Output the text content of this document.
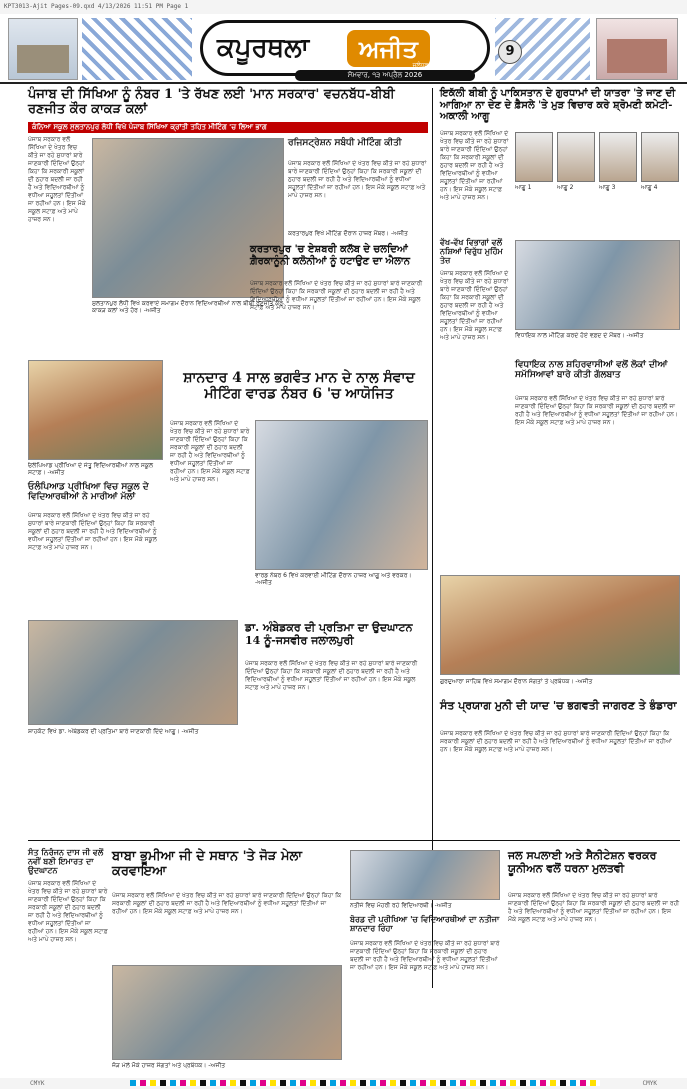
KPT3013-Ajit Pages-09.qxd 4/13/2026 11:51 PM Page 1
ਕਪੂਰਥਲਾ	ਅਜੀਤ	9
ਜਲੰਧਰ, ਜਲੰਧਰ
ਸੋਮਵਾਰ, ੧੩ ਅਪ੍ਰੈਲ 2026
ਪੰਜਾਬ ਦੀ ਸਿੱਖਿਆ ਨੂੰ ਨੰਬਰ 1 'ਤੇ ਰੱਖਣ ਲਈ 'ਮਾਨ ਸਰਕਾਰ' ਵਚਨਬੱਧ-ਬੀਬੀ ਰਣਜੀਤ ਕੌਰ ਕਾਕੜ ਕਲਾਂ
ਕੰਨਿਆ ਸਕੂਲ ਸੁਲਤਾਨਪੁਰ ਲੋਧੀ ਵਿਖੇ ਪੰਜਾਬ ਸਿੱਖਿਆ ਕ੍ਰਾਂਤੀ ਤਹਿਤ ਮੀਟਿੰਗ 'ਚ ਲਿਆ ਭਾਗ
ਪੰਜਾਬ ਸਰਕਾਰ ਵਲੋਂ ਸਿੱਖਿਆ ਦੇ ਖੇਤਰ ਵਿਚ ਕੀਤੇ ਜਾ ਰਹੇ ਸੁਧਾਰਾਂ ਬਾਰੇ ਜਾਣਕਾਰੀ ਦਿੰਦਿਆਂ ਉਨ੍ਹਾਂ ਕਿਹਾ ਕਿ ਸਰਕਾਰੀ ਸਕੂਲਾਂ ਦੀ ਨੁਹਾਰ ਬਦਲੀ ਜਾ ਰਹੀ ਹੈ ਅਤੇ ਵਿਦਿਆਰਥੀਆਂ ਨੂੰ ਵਧੀਆ ਸਹੂਲਤਾਂ ਦਿੱਤੀਆਂ ਜਾ ਰਹੀਆਂ ਹਨ। ਇਸ ਮੌਕੇ ਸਕੂਲ ਸਟਾਫ਼ ਅਤੇ ਮਾਪੇ ਹਾਜ਼ਰ ਸਨ।
ਸੁਲਤਾਨਪੁਰ ਲੋਧੀ ਵਿਖੇ ਕਰਵਾਏ ਸਮਾਗਮ ਦੌਰਾਨ ਵਿਦਿਆਰਥੀਆਂ ਨਾਲ ਬੀਬੀ ਰਣਜੀਤ ਕੌਰ ਕਾਕੜ ਕਲਾਂ ਅਤੇ ਹੋਰ। -ਅਜੀਤ
ਰਜਿਸਟ੍ਰੇਸ਼ਨ ਸਬੰਧੀ ਮੀਟਿੰਗ ਕੀਤੀ
ਪੰਜਾਬ ਸਰਕਾਰ ਵਲੋਂ ਸਿੱਖਿਆ ਦੇ ਖੇਤਰ ਵਿਚ ਕੀਤੇ ਜਾ ਰਹੇ ਸੁਧਾਰਾਂ ਬਾਰੇ ਜਾਣਕਾਰੀ ਦਿੰਦਿਆਂ ਉਨ੍ਹਾਂ ਕਿਹਾ ਕਿ ਸਰਕਾਰੀ ਸਕੂਲਾਂ ਦੀ ਨੁਹਾਰ ਬਦਲੀ ਜਾ ਰਹੀ ਹੈ ਅਤੇ ਵਿਦਿਆਰਥੀਆਂ ਨੂੰ ਵਧੀਆ ਸਹੂਲਤਾਂ ਦਿੱਤੀਆਂ ਜਾ ਰਹੀਆਂ ਹਨ। ਇਸ ਮੌਕੇ ਸਕੂਲ ਸਟਾਫ਼ ਅਤੇ ਮਾਪੇ ਹਾਜ਼ਰ ਸਨ।
ਕਰਤਾਰਪੁਰ ਵਿਖੇ ਮੀਟਿੰਗ ਦੌਰਾਨ ਹਾਜ਼ਰ ਮੈਂਬਰ। -ਅਜੀਤ
ਕਰਤਾਰਪੁਰ 'ਚ ਏਸ਼ਬਰੀ ਕਲੱਬ ਦੇ ਚਲਦਿਆਂ ਗ਼ੈਰਕਾਨੂੰਨੀ ਕਲੋਨੀਆਂ ਨੂੰ ਹਟਾਉਣ ਦਾ ਐਲਾਨ
ਪੰਜਾਬ ਸਰਕਾਰ ਵਲੋਂ ਸਿੱਖਿਆ ਦੇ ਖੇਤਰ ਵਿਚ ਕੀਤੇ ਜਾ ਰਹੇ ਸੁਧਾਰਾਂ ਬਾਰੇ ਜਾਣਕਾਰੀ ਦਿੰਦਿਆਂ ਉਨ੍ਹਾਂ ਕਿਹਾ ਕਿ ਸਰਕਾਰੀ ਸਕੂਲਾਂ ਦੀ ਨੁਹਾਰ ਬਦਲੀ ਜਾ ਰਹੀ ਹੈ ਅਤੇ ਵਿਦਿਆਰਥੀਆਂ ਨੂੰ ਵਧੀਆ ਸਹੂਲਤਾਂ ਦਿੱਤੀਆਂ ਜਾ ਰਹੀਆਂ ਹਨ। ਇਸ ਮੌਕੇ ਸਕੂਲ ਸਟਾਫ਼ ਅਤੇ ਮਾਪੇ ਹਾਜ਼ਰ ਸਨ।
ਓਲੰਪਿਆਡ ਪ੍ਰੀਖਿਆ ਦੇ ਜੇਤੂ ਵਿਦਿਆਰਥੀਆਂ ਨਾਲ ਸਕੂਲ ਸਟਾਫ਼। -ਅਜੀਤ
ਓਲੰਪਿਆਡ ਪ੍ਰੀਖਿਆ ਵਿਚ ਸਕੂਲ ਦੇ ਵਿਦਿਆਰਥੀਆਂ ਨੇ ਮਾਰੀਆਂ ਮੱਲਾਂ
ਪੰਜਾਬ ਸਰਕਾਰ ਵਲੋਂ ਸਿੱਖਿਆ ਦੇ ਖੇਤਰ ਵਿਚ ਕੀਤੇ ਜਾ ਰਹੇ ਸੁਧਾਰਾਂ ਬਾਰੇ ਜਾਣਕਾਰੀ ਦਿੰਦਿਆਂ ਉਨ੍ਹਾਂ ਕਿਹਾ ਕਿ ਸਰਕਾਰੀ ਸਕੂਲਾਂ ਦੀ ਨੁਹਾਰ ਬਦਲੀ ਜਾ ਰਹੀ ਹੈ ਅਤੇ ਵਿਦਿਆਰਥੀਆਂ ਨੂੰ ਵਧੀਆ ਸਹੂਲਤਾਂ ਦਿੱਤੀਆਂ ਜਾ ਰਹੀਆਂ ਹਨ। ਇਸ ਮੌਕੇ ਸਕੂਲ ਸਟਾਫ਼ ਅਤੇ ਮਾਪੇ ਹਾਜ਼ਰ ਸਨ।
ਸ਼ਾਨਦਾਰ 4 ਸਾਲ ਭਗਵੰਤ ਮਾਨ ਦੇ ਨਾਲ ਸੰਵਾਦ ਮੀਟਿੰਗ ਵਾਰਡ ਨੰਬਰ 6 'ਚ ਆਯੋਜਿਤ
ਪੰਜਾਬ ਸਰਕਾਰ ਵਲੋਂ ਸਿੱਖਿਆ ਦੇ ਖੇਤਰ ਵਿਚ ਕੀਤੇ ਜਾ ਰਹੇ ਸੁਧਾਰਾਂ ਬਾਰੇ ਜਾਣਕਾਰੀ ਦਿੰਦਿਆਂ ਉਨ੍ਹਾਂ ਕਿਹਾ ਕਿ ਸਰਕਾਰੀ ਸਕੂਲਾਂ ਦੀ ਨੁਹਾਰ ਬਦਲੀ ਜਾ ਰਹੀ ਹੈ ਅਤੇ ਵਿਦਿਆਰਥੀਆਂ ਨੂੰ ਵਧੀਆ ਸਹੂਲਤਾਂ ਦਿੱਤੀਆਂ ਜਾ ਰਹੀਆਂ ਹਨ। ਇਸ ਮੌਕੇ ਸਕੂਲ ਸਟਾਫ਼ ਅਤੇ ਮਾਪੇ ਹਾਜ਼ਰ ਸਨ।
ਵਾਰਡ ਨੰਬਰ 6 ਵਿਖੇ ਕਰਵਾਈ ਮੀਟਿੰਗ ਦੌਰਾਨ ਹਾਜ਼ਰ ਆਗੂ ਅਤੇ ਵਰਕਰ। -ਅਜੀਤ
ਸ਼ਾਹਕੋਟ ਵਿਖੇ ਡਾ. ਅੰਬੇਡਕਰ ਦੀ ਪ੍ਰਤਿਮਾ ਬਾਰੇ ਜਾਣਕਾਰੀ ਦਿੰਦੇ ਆਗੂ। -ਅਜੀਤ
ਡਾ. ਅੰਬੇਡਕਰ ਦੀ ਪ੍ਰਤਿਮਾ ਦਾ ਉਦਘਾਟਨ 14 ਨੂੰ-ਜਸਵੀਰ ਜਲਾਲਪੁਰੀ
ਪੰਜਾਬ ਸਰਕਾਰ ਵਲੋਂ ਸਿੱਖਿਆ ਦੇ ਖੇਤਰ ਵਿਚ ਕੀਤੇ ਜਾ ਰਹੇ ਸੁਧਾਰਾਂ ਬਾਰੇ ਜਾਣਕਾਰੀ ਦਿੰਦਿਆਂ ਉਨ੍ਹਾਂ ਕਿਹਾ ਕਿ ਸਰਕਾਰੀ ਸਕੂਲਾਂ ਦੀ ਨੁਹਾਰ ਬਦਲੀ ਜਾ ਰਹੀ ਹੈ ਅਤੇ ਵਿਦਿਆਰਥੀਆਂ ਨੂੰ ਵਧੀਆ ਸਹੂਲਤਾਂ ਦਿੱਤੀਆਂ ਜਾ ਰਹੀਆਂ ਹਨ। ਇਸ ਮੌਕੇ ਸਕੂਲ ਸਟਾਫ਼ ਅਤੇ ਮਾਪੇ ਹਾਜ਼ਰ ਸਨ।
ਇਕੱਲੀ ਬੀਬੀ ਨੂੰ ਪਾਕਿਸਤਾਨ ਦੇ ਗੁਰਧਾਮਾਂ ਦੀ ਯਾਤਰਾ 'ਤੇ ਜਾਣ ਦੀ ਆਗਿਆ ਨਾ ਦੇਣ ਦੇ ਫ਼ੈਸਲੇ 'ਤੇ ਮੁੜ ਵਿਚਾਰ ਕਰੇ ਸ਼੍ਰੋਮਣੀ ਕਮੇਟੀ-ਅਕਾਲੀ ਆਗੂ
ਪੰਜਾਬ ਸਰਕਾਰ ਵਲੋਂ ਸਿੱਖਿਆ ਦੇ ਖੇਤਰ ਵਿਚ ਕੀਤੇ ਜਾ ਰਹੇ ਸੁਧਾਰਾਂ ਬਾਰੇ ਜਾਣਕਾਰੀ ਦਿੰਦਿਆਂ ਉਨ੍ਹਾਂ ਕਿਹਾ ਕਿ ਸਰਕਾਰੀ ਸਕੂਲਾਂ ਦੀ ਨੁਹਾਰ ਬਦਲੀ ਜਾ ਰਹੀ ਹੈ ਅਤੇ ਵਿਦਿਆਰਥੀਆਂ ਨੂੰ ਵਧੀਆ ਸਹੂਲਤਾਂ ਦਿੱਤੀਆਂ ਜਾ ਰਹੀਆਂ ਹਨ। ਇਸ ਮੌਕੇ ਸਕੂਲ ਸਟਾਫ਼ ਅਤੇ ਮਾਪੇ ਹਾਜ਼ਰ ਸਨ।
ਆਗੂ 1	ਆਗੂ 2	ਆਗੂ 3	ਆਗੂ 4
ਵੱਖ-ਵੱਖ ਵਿਭਾਗਾਂ ਵਲੋਂ ਨਸ਼ਿਆਂ ਵਿਰੁੱਧ ਮੁਹਿੰਮ ਤੇਜ਼
ਪੰਜਾਬ ਸਰਕਾਰ ਵਲੋਂ ਸਿੱਖਿਆ ਦੇ ਖੇਤਰ ਵਿਚ ਕੀਤੇ ਜਾ ਰਹੇ ਸੁਧਾਰਾਂ ਬਾਰੇ ਜਾਣਕਾਰੀ ਦਿੰਦਿਆਂ ਉਨ੍ਹਾਂ ਕਿਹਾ ਕਿ ਸਰਕਾਰੀ ਸਕੂਲਾਂ ਦੀ ਨੁਹਾਰ ਬਦਲੀ ਜਾ ਰਹੀ ਹੈ ਅਤੇ ਵਿਦਿਆਰਥੀਆਂ ਨੂੰ ਵਧੀਆ ਸਹੂਲਤਾਂ ਦਿੱਤੀਆਂ ਜਾ ਰਹੀਆਂ ਹਨ। ਇਸ ਮੌਕੇ ਸਕੂਲ ਸਟਾਫ਼ ਅਤੇ ਮਾਪੇ ਹਾਜ਼ਰ ਸਨ।	ਵਿਧਾਇਕ ਨਾਲ ਮੀਟਿੰਗ ਕਰਦੇ ਹੋਏ ਵਫ਼ਦ ਦੇ ਮੈਂਬਰ। -ਅਜੀਤ
ਵਿਧਾਇਕ ਨਾਲ ਸ਼ਹਿਰਵਾਸੀਆਂ ਵਲੋਂ ਲੋਕਾਂ ਦੀਆਂ ਸਮੱਸਿਆਵਾਂ ਬਾਰੇ ਕੀਤੀ ਗੱਲਬਾਤ
ਪੰਜਾਬ ਸਰਕਾਰ ਵਲੋਂ ਸਿੱਖਿਆ ਦੇ ਖੇਤਰ ਵਿਚ ਕੀਤੇ ਜਾ ਰਹੇ ਸੁਧਾਰਾਂ ਬਾਰੇ ਜਾਣਕਾਰੀ ਦਿੰਦਿਆਂ ਉਨ੍ਹਾਂ ਕਿਹਾ ਕਿ ਸਰਕਾਰੀ ਸਕੂਲਾਂ ਦੀ ਨੁਹਾਰ ਬਦਲੀ ਜਾ ਰਹੀ ਹੈ ਅਤੇ ਵਿਦਿਆਰਥੀਆਂ ਨੂੰ ਵਧੀਆ ਸਹੂਲਤਾਂ ਦਿੱਤੀਆਂ ਜਾ ਰਹੀਆਂ ਹਨ। ਇਸ ਮੌਕੇ ਸਕੂਲ ਸਟਾਫ਼ ਅਤੇ ਮਾਪੇ ਹਾਜ਼ਰ ਸਨ।
ਗੁਰਦੁਆਰਾ ਸਾਹਿਬ ਵਿਖੇ ਸਮਾਗਮ ਦੌਰਾਨ ਸੰਗਤਾਂ ਤੇ ਪ੍ਰਬੰਧਕ। -ਅਜੀਤ
ਸੰਤ ਪ੍ਰਯਾਗ ਮੁਨੀ ਦੀ ਯਾਦ 'ਚ ਭਗਵਤੀ ਜਾਗਰਣ ਤੇ ਭੰਡਾਰਾ
ਪੰਜਾਬ ਸਰਕਾਰ ਵਲੋਂ ਸਿੱਖਿਆ ਦੇ ਖੇਤਰ ਵਿਚ ਕੀਤੇ ਜਾ ਰਹੇ ਸੁਧਾਰਾਂ ਬਾਰੇ ਜਾਣਕਾਰੀ ਦਿੰਦਿਆਂ ਉਨ੍ਹਾਂ ਕਿਹਾ ਕਿ ਸਰਕਾਰੀ ਸਕੂਲਾਂ ਦੀ ਨੁਹਾਰ ਬਦਲੀ ਜਾ ਰਹੀ ਹੈ ਅਤੇ ਵਿਦਿਆਰਥੀਆਂ ਨੂੰ ਵਧੀਆ ਸਹੂਲਤਾਂ ਦਿੱਤੀਆਂ ਜਾ ਰਹੀਆਂ ਹਨ। ਇਸ ਮੌਕੇ ਸਕੂਲ ਸਟਾਫ਼ ਅਤੇ ਮਾਪੇ ਹਾਜ਼ਰ ਸਨ।
ਸੰਤ ਨਿਰੰਜਨ ਦਾਸ ਜੀ ਵਲੋਂ ਨਵੀਂ ਬਣੀ ਇਮਾਰਤ ਦਾ ਉਦਘਾਟਨ
ਪੰਜਾਬ ਸਰਕਾਰ ਵਲੋਂ ਸਿੱਖਿਆ ਦੇ ਖੇਤਰ ਵਿਚ ਕੀਤੇ ਜਾ ਰਹੇ ਸੁਧਾਰਾਂ ਬਾਰੇ ਜਾਣਕਾਰੀ ਦਿੰਦਿਆਂ ਉਨ੍ਹਾਂ ਕਿਹਾ ਕਿ ਸਰਕਾਰੀ ਸਕੂਲਾਂ ਦੀ ਨੁਹਾਰ ਬਦਲੀ ਜਾ ਰਹੀ ਹੈ ਅਤੇ ਵਿਦਿਆਰਥੀਆਂ ਨੂੰ ਵਧੀਆ ਸਹੂਲਤਾਂ ਦਿੱਤੀਆਂ ਜਾ ਰਹੀਆਂ ਹਨ। ਇਸ ਮੌਕੇ ਸਕੂਲ ਸਟਾਫ਼ ਅਤੇ ਮਾਪੇ ਹਾਜ਼ਰ ਸਨ।
ਬਾਬਾ ਭੂਮੀਆ ਜੀ ਦੇ ਸਥਾਨ 'ਤੇ ਜੋੜ ਮੇਲਾ ਕਰਵਾਇਆ
ਪੰਜਾਬ ਸਰਕਾਰ ਵਲੋਂ ਸਿੱਖਿਆ ਦੇ ਖੇਤਰ ਵਿਚ ਕੀਤੇ ਜਾ ਰਹੇ ਸੁਧਾਰਾਂ ਬਾਰੇ ਜਾਣਕਾਰੀ ਦਿੰਦਿਆਂ ਉਨ੍ਹਾਂ ਕਿਹਾ ਕਿ ਸਰਕਾਰੀ ਸਕੂਲਾਂ ਦੀ ਨੁਹਾਰ ਬਦਲੀ ਜਾ ਰਹੀ ਹੈ ਅਤੇ ਵਿਦਿਆਰਥੀਆਂ ਨੂੰ ਵਧੀਆ ਸਹੂਲਤਾਂ ਦਿੱਤੀਆਂ ਜਾ ਰਹੀਆਂ ਹਨ। ਇਸ ਮੌਕੇ ਸਕੂਲ ਸਟਾਫ਼ ਅਤੇ ਮਾਪੇ ਹਾਜ਼ਰ ਸਨ।
ਜੋੜ ਮੇਲੇ ਮੌਕੇ ਹਾਜ਼ਰ ਸੰਗਤਾਂ ਅਤੇ ਪ੍ਰਬੰਧਕ। -ਅਜੀਤ
ਨਤੀਜੇ ਵਿਚ ਮੋਹਰੀ ਰਹੇ ਵਿਦਿਆਰਥੀ। -ਅਜੀਤ
ਬੋਰਡ ਦੀ ਪ੍ਰੀਖਿਆ 'ਚ ਵਿਦਿਆਰਥੀਆਂ ਦਾ ਨਤੀਜਾ ਸ਼ਾਨਦਾਰ ਰਿਹਾ
ਪੰਜਾਬ ਸਰਕਾਰ ਵਲੋਂ ਸਿੱਖਿਆ ਦੇ ਖੇਤਰ ਵਿਚ ਕੀਤੇ ਜਾ ਰਹੇ ਸੁਧਾਰਾਂ ਬਾਰੇ ਜਾਣਕਾਰੀ ਦਿੰਦਿਆਂ ਉਨ੍ਹਾਂ ਕਿਹਾ ਕਿ ਸਰਕਾਰੀ ਸਕੂਲਾਂ ਦੀ ਨੁਹਾਰ ਬਦਲੀ ਜਾ ਰਹੀ ਹੈ ਅਤੇ ਵਿਦਿਆਰਥੀਆਂ ਨੂੰ ਵਧੀਆ ਸਹੂਲਤਾਂ ਦਿੱਤੀਆਂ ਜਾ ਰਹੀਆਂ ਹਨ। ਇਸ ਮੌਕੇ ਸਕੂਲ ਸਟਾਫ਼ ਅਤੇ ਮਾਪੇ ਹਾਜ਼ਰ ਸਨ।
ਜਲ ਸਪਲਾਈ ਅਤੇ ਸੈਨੀਟੇਸ਼ਨ ਵਰਕਰ ਯੂਨੀਅਨ ਵਲੋਂ ਧਰਨਾ ਮੁਲਤਵੀ
ਪੰਜਾਬ ਸਰਕਾਰ ਵਲੋਂ ਸਿੱਖਿਆ ਦੇ ਖੇਤਰ ਵਿਚ ਕੀਤੇ ਜਾ ਰਹੇ ਸੁਧਾਰਾਂ ਬਾਰੇ ਜਾਣਕਾਰੀ ਦਿੰਦਿਆਂ ਉਨ੍ਹਾਂ ਕਿਹਾ ਕਿ ਸਰਕਾਰੀ ਸਕੂਲਾਂ ਦੀ ਨੁਹਾਰ ਬਦਲੀ ਜਾ ਰਹੀ ਹੈ ਅਤੇ ਵਿਦਿਆਰਥੀਆਂ ਨੂੰ ਵਧੀਆ ਸਹੂਲਤਾਂ ਦਿੱਤੀਆਂ ਜਾ ਰਹੀਆਂ ਹਨ। ਇਸ ਮੌਕੇ ਸਕੂਲ ਸਟਾਫ਼ ਅਤੇ ਮਾਪੇ ਹਾਜ਼ਰ ਸਨ।
CMYK	CMYK
